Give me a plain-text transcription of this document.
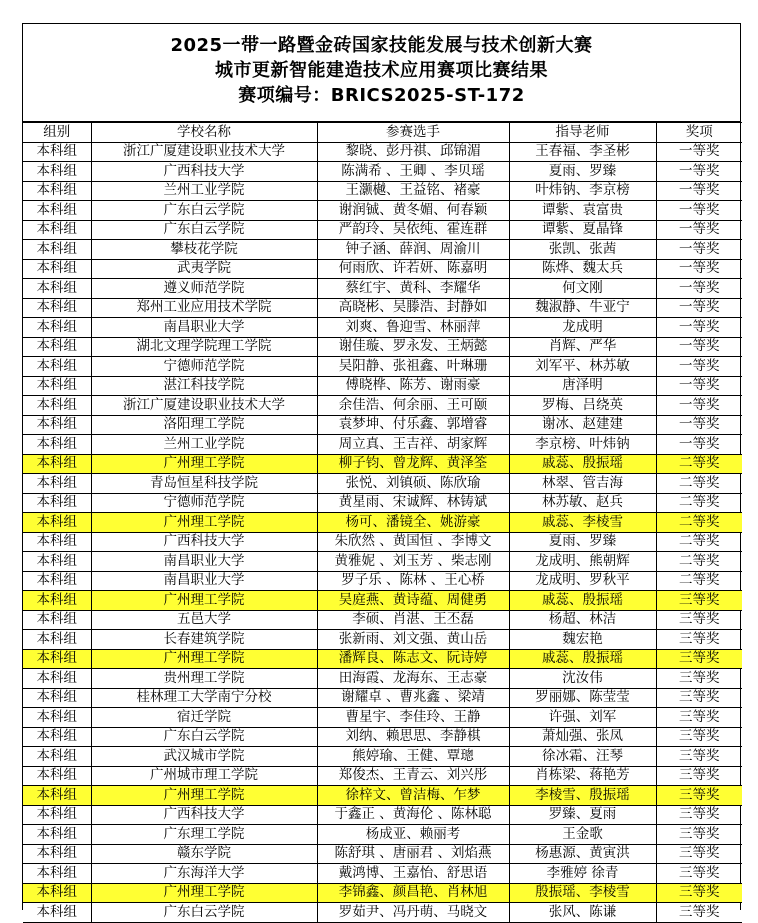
2025一带一路暨金砖国家技能发展与技术创新大赛
城市更新智能建造技术应用赛项比赛结果
赛项编号：BRICS2025-ST-172
组别	学校名称	参赛选手	指导老师	奖项
本科组	浙江广厦建设职业技术大学	黎晓、彭丹祺、邱锦湄	王春福、李圣彬	一等奖
本科组	广西科技大学	陈满希 、王卿 、李贝瑶	夏雨、罗臻	一等奖
本科组	兰州工业学院	王灏樾、王益铭、褚豪	叶炜钠、李京榜	一等奖
本科组	广东白云学院	谢润铖、黄冬媚、何春颖	谭紫、袁富贵	一等奖
本科组	广东白云学院	严韵玲、吴依纯、霍连群	谭紫、夏晶锋	一等奖
本科组	攀枝花学院	钟子涵、薛润、周渝川	张凯、张茜	一等奖
本科组	武夷学院	何雨欣、许若妍、陈嘉明	陈烨、魏太兵	一等奖
本科组	遵义师范学院	蔡红宇、黄科、李耀华	何文刚	一等奖
本科组	郑州工业应用技术学院	高晓彬、吴滕浩、封静如	魏淑静、牛亚宁	一等奖
本科组	南昌职业大学	刘爽、鲁迎雪、林丽萍	龙成明	一等奖
本科组	湖北文理学院理工学院	谢佳璇、罗永发、王炳懿	肖辉、严华	一等奖
本科组	宁德师范学院	吴阳静、张祖鑫、叶琳珊	刘军平、林苏敏	一等奖
本科组	湛江科技学院	傅晓桦、陈芳、谢雨豪	唐泽明	一等奖
本科组	浙江广厦建设职业技术大学	余佳浩、何余丽、王可颐	罗梅、吕绕英	一等奖
本科组	洛阳理工学院	袁梦坤、付乐鑫、郭增睿	谢冰、赵建建	一等奖
本科组	兰州工业学院	周立真、王吉祥、胡家辉	李京榜、叶炜钠	一等奖
本科组	广州理工学院	柳子钧、曾龙辉、黄泽筌	戚蕊、殷振瑶	二等奖
本科组	青岛恒星科技学院	张悦、刘镇硕、陈欣瑜	林翠、管吉海	二等奖
本科组	宁德师范学院	黄星雨、宋诚辉、林铸斌	林苏敏、赵兵	二等奖
本科组	广州理工学院	杨可、潘镜全、姚游豪	戚蕊、李棱雪	二等奖
本科组	广西科技大学	朱欣然 、黄国恒 、李博文	夏雨、罗臻	二等奖
本科组	南昌职业大学	黄雅妮 、刘玉芳 、柴志刚	龙成明、熊朝辉	二等奖
本科组	南昌职业大学	罗子乐 、陈林 、王心桥	龙成明、罗秋平	二等奖
本科组	广州理工学院	吴庭燕、黄诗蕴、周健勇	戚蕊、殷振瑶	三等奖
本科组	五邑大学	李硕、肖湛、王丕磊	杨超、林洁	三等奖
本科组	长春建筑学院	张新雨、刘文强、黄山岳	魏宏艳	三等奖
本科组	广州理工学院	潘辉良、陈志文、阮诗婷	戚蕊、殷振瑶	三等奖
本科组	贵州理工学院	田海霞、龙海东、王志豪	沈汝伟	三等奖
本科组	桂林理工大学南宁分校	谢耀卓 、曹兆鑫 、梁靖	罗丽娜、陈莹莹	三等奖
本科组	宿迁学院	曹星宇、李佳玲、王静	许强、刘军	三等奖
本科组	广东白云学院	刘纳、赖思思、李静棋	萧灿强、张凤	三等奖
本科组	武汉城市学院	熊婷瑜、王健、覃璁	徐冰霜、汪琴	三等奖
本科组	广州城市理工学院	郑俊杰、王青云、刘兴彤	肖栋梁、蒋艳芳	三等奖
本科组	广州理工学院	徐梓文、曾洁梅、乍梦	李棱雪、殷振瑶	三等奖
本科组	广西科技大学	于鑫正 、黄海伦 、陈林聪	罗臻、夏雨	三等奖
本科组	广东理工学院	杨成亚、赖丽考	王金歌	三等奖
本科组	赣东学院	陈舒琪 、唐丽君 、刘焰燕	杨惠源、黄寅洪	三等奖
本科组	广东海洋大学	戴鸿博、王嘉怡、舒思语	李雅婷 徐青	三等奖
本科组	广州理工学院	李锦鑫、颜昌艳、肖林旭	殷振瑶、李棱雪	三等奖
本科组	广东白云学院	罗茹尹、冯丹萌、马晓文	张风、陈谦	三等奖
